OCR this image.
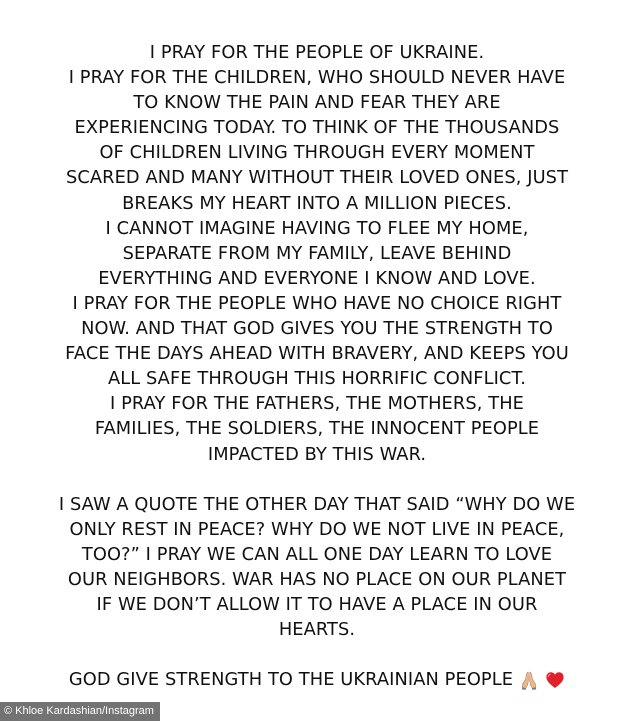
I PRAY FOR THE PEOPLE OF UKRAINE.
I PRAY FOR THE CHILDREN, WHO SHOULD NEVER HAVE
TO KNOW THE PAIN AND FEAR THEY ARE
EXPERIENCING TODAY. TO THINK OF THE THOUSANDS
OF CHILDREN LIVING THROUGH EVERY MOMENT
SCARED AND MANY WITHOUT THEIR LOVED ONES, JUST
BREAKS MY HEART INTO A MILLION PIECES.
I CANNOT IMAGINE HAVING TO FLEE MY HOME,
SEPARATE FROM MY FAMILY, LEAVE BEHIND
EVERYTHING AND EVERYONE I KNOW AND LOVE.
I PRAY FOR THE PEOPLE WHO HAVE NO CHOICE RIGHT
NOW. AND THAT GOD GIVES YOU THE STRENGTH TO
FACE THE DAYS AHEAD WITH BRAVERY, AND KEEPS YOU
ALL SAFE THROUGH THIS HORRIFIC CONFLICT.
I PRAY FOR THE FATHERS, THE MOTHERS, THE
FAMILIES, THE SOLDIERS, THE INNOCENT PEOPLE
IMPACTED BY THIS WAR.
I SAW A QUOTE THE OTHER DAY THAT SAID “WHY DO WE
ONLY REST IN PEACE? WHY DO WE NOT LIVE IN PEACE,
TOO?” I PRAY WE CAN ALL ONE DAY LEARN TO LOVE
OUR NEIGHBORS. WAR HAS NO PLACE ON OUR PLANET
IF WE DON’T ALLOW IT TO HAVE A PLACE IN OUR
HEARTS.
GOD GIVE STRENGTH TO THE UKRAINIAN PEOPLE
© Khloe Kardashian/Instagram
